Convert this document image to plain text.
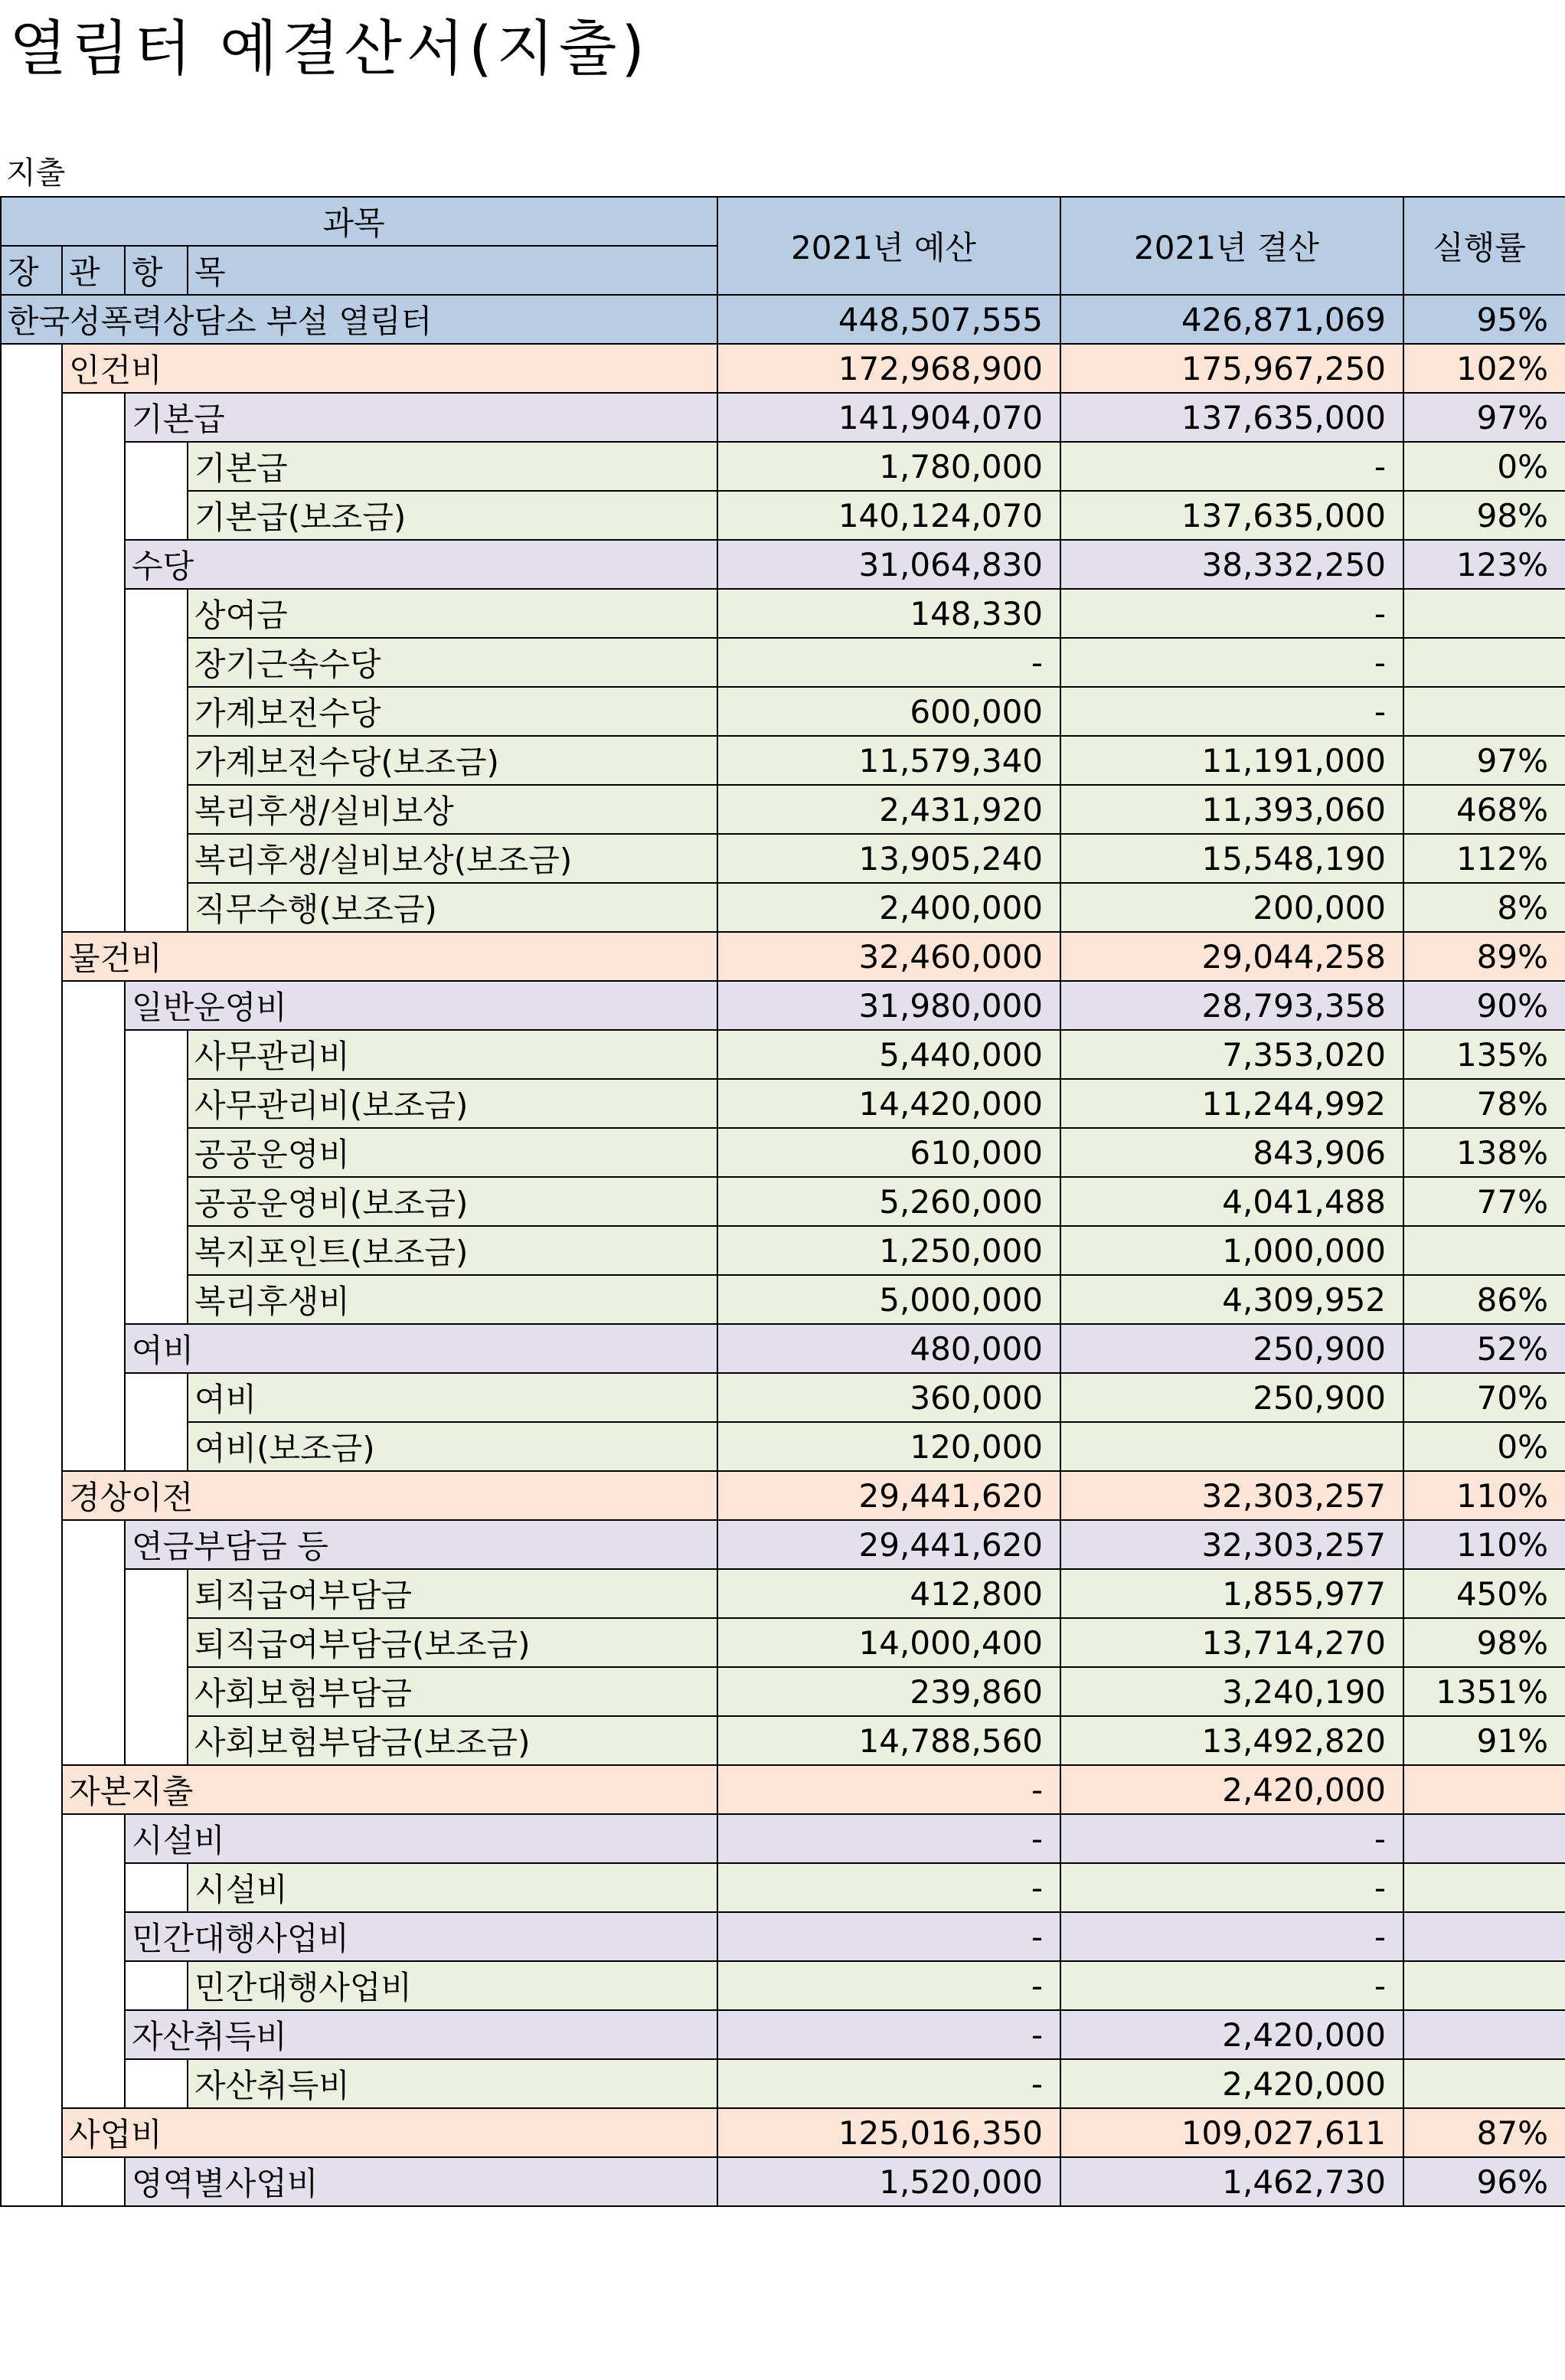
열림터 예결산서(지출)
지출
과목				2021년 예산	2021년 결산	실행률
장	관	항	목			
한국성폭력상담소 부설 열림터				448,507,555	426,871,069	95%
	인건비			172,968,900	175,967,250	102%
		기본급		141,904,070	137,635,000	97%
			기본급	1,780,000	-	0%
			기본급(보조금)	140,124,070	137,635,000	98%
		수당		31,064,830	38,332,250	123%
			상여금	148,330	-	
			장기근속수당	-	-	
			가계보전수당	600,000	-	
			가계보전수당(보조금)	11,579,340	11,191,000	97%
			복리후생/실비보상	2,431,920	11,393,060	468%
			복리후생/실비보상(보조금)	13,905,240	15,548,190	112%
			직무수행(보조금)	2,400,000	200,000	8%
	물건비			32,460,000	29,044,258	89%
		일반운영비		31,980,000	28,793,358	90%
			사무관리비	5,440,000	7,353,020	135%
			사무관리비(보조금)	14,420,000	11,244,992	78%
			공공운영비	610,000	843,906	138%
			공공운영비(보조금)	5,260,000	4,041,488	77%
			복지포인트(보조금)	1,250,000	1,000,000	
			복리후생비	5,000,000	4,309,952	86%
		여비		480,000	250,900	52%
			여비	360,000	250,900	70%
			여비(보조금)	120,000		0%
	경상이전			29,441,620	32,303,257	110%
		연금부담금 등		29,441,620	32,303,257	110%
			퇴직급여부담금	412,800	1,855,977	450%
			퇴직급여부담금(보조금)	14,000,400	13,714,270	98%
			사회보험부담금	239,860	3,240,190	1351%
			사회보험부담금(보조금)	14,788,560	13,492,820	91%
	자본지출			-	2,420,000	
		시설비		-	-	
			시설비	-	-	
		민간대행사업비		-	-	
			민간대행사업비	-	-	
		자산취득비		-	2,420,000	
			자산취득비	-	2,420,000	
	사업비			125,016,350	109,027,611	87%
		영역별사업비		1,520,000	1,462,730	96%
